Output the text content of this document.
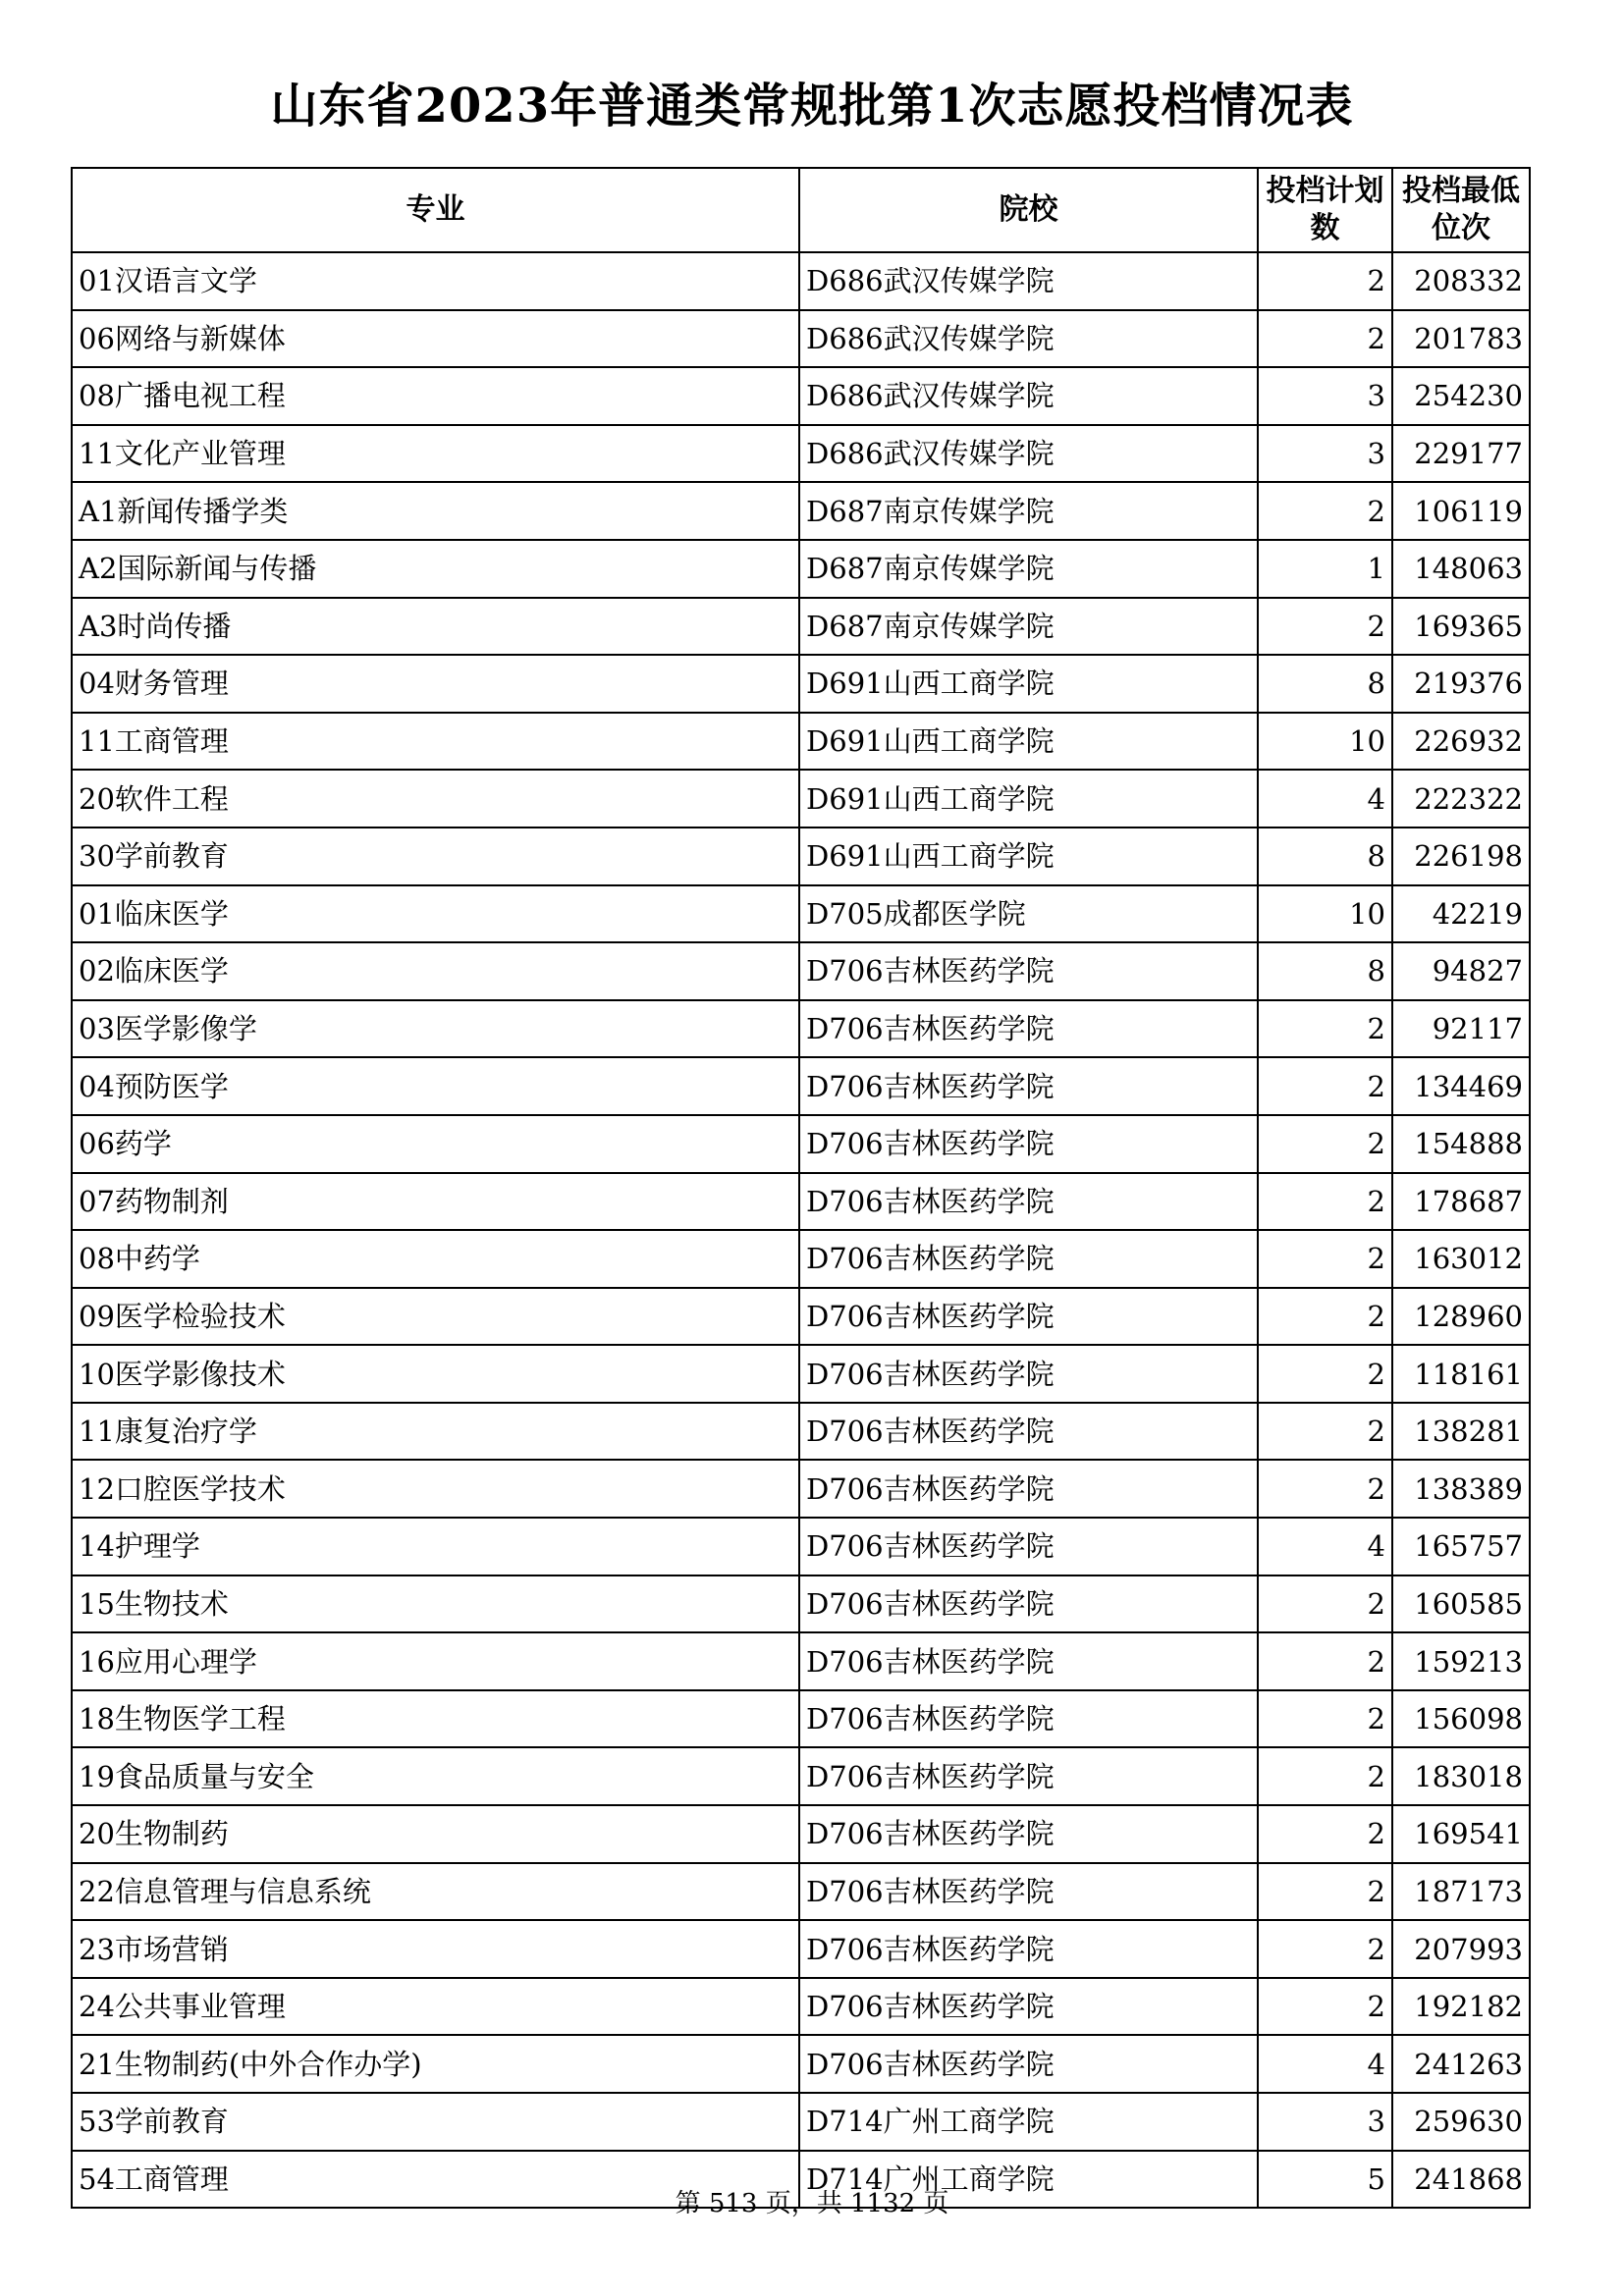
山东省2023年普通类常规批第1次志愿投档情况表
专业	院校	投档计划数	投档最低位次
01汉语言文学	D686武汉传媒学院	2	208332
06网络与新媒体	D686武汉传媒学院	2	201783
08广播电视工程	D686武汉传媒学院	3	254230
11文化产业管理	D686武汉传媒学院	3	229177
A1新闻传播学类	D687南京传媒学院	2	106119
A2国际新闻与传播	D687南京传媒学院	1	148063
A3时尚传播	D687南京传媒学院	2	169365
04财务管理	D691山西工商学院	8	219376
11工商管理	D691山西工商学院	10	226932
20软件工程	D691山西工商学院	4	222322
30学前教育	D691山西工商学院	8	226198
01临床医学	D705成都医学院	10	42219
02临床医学	D706吉林医药学院	8	94827
03医学影像学	D706吉林医药学院	2	92117
04预防医学	D706吉林医药学院	2	134469
06药学	D706吉林医药学院	2	154888
07药物制剂	D706吉林医药学院	2	178687
08中药学	D706吉林医药学院	2	163012
09医学检验技术	D706吉林医药学院	2	128960
10医学影像技术	D706吉林医药学院	2	118161
11康复治疗学	D706吉林医药学院	2	138281
12口腔医学技术	D706吉林医药学院	2	138389
14护理学	D706吉林医药学院	4	165757
15生物技术	D706吉林医药学院	2	160585
16应用心理学	D706吉林医药学院	2	159213
18生物医学工程	D706吉林医药学院	2	156098
19食品质量与安全	D706吉林医药学院	2	183018
20生物制药	D706吉林医药学院	2	169541
22信息管理与信息系统	D706吉林医药学院	2	187173
23市场营销	D706吉林医药学院	2	207993
24公共事业管理	D706吉林医药学院	2	192182
21生物制药(中外合作办学)	D706吉林医药学院	4	241263
53学前教育	D714广州工商学院	3	259630
54工商管理	D714广州工商学院	5	241868
第 513 页，共 1132 页
